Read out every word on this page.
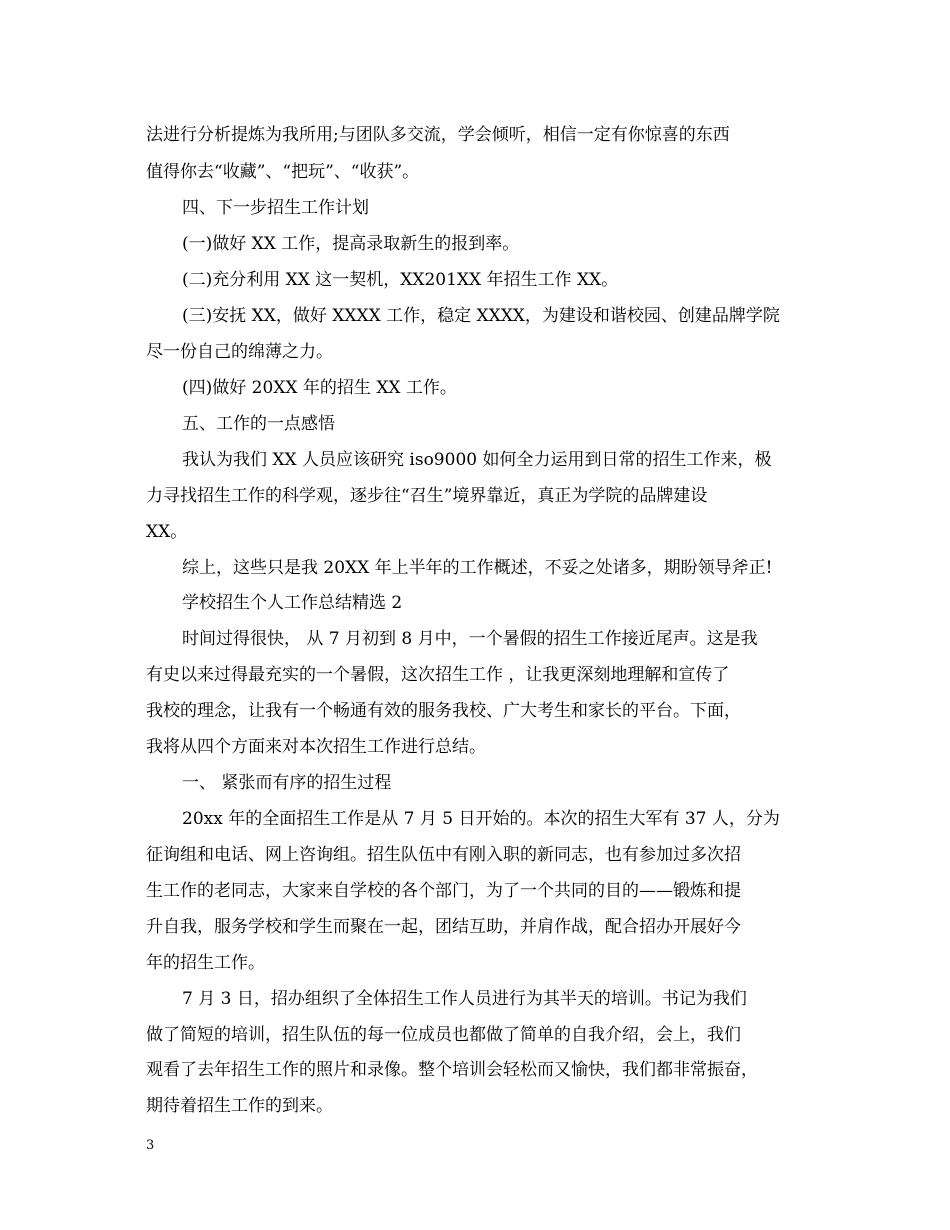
法进行分析提炼为我所用;与团队多交流，学会倾听，相信一定有你惊喜的东西
值得你去“收藏”、“把玩”、“收获”。
四、下一步招生工作计划
(一)做好 XX 工作，提高录取新生的报到率。
(二)充分利用 XX 这一契机，XX201XX 年招生工作 XX。
(三)安抚 XX，做好 XXXX 工作，稳定 XXXX，为建设和谐校园、创建品牌学院
尽一份自己的绵薄之力。
(四)做好 20XX 年的招生 XX 工作。
五、工作的一点感悟
我认为我们 XX 人员应该研究 iso9000 如何全力运用到日常的招生工作来，极
力寻找招生工作的科学观，逐步往“召生”境界靠近，真正为学院的品牌建设
XX。
综上，这些只是我 20XX 年上半年的工作概述，不妥之处诸多，期盼领导斧正!
学校招生个人工作总结精选 2
时间过得很快， 从 7 月初到 8 月中，一个暑假的招生工作接近尾声。这是我
有史以来过得最充实的一个暑假，这次招生工作 ，让我更深刻地理解和宣传了
我校的理念，让我有一个畅通有效的服务我校、广大考生和家长的平台。下面，
我将从四个方面来对本次招生工作进行总结。
一、 紧张而有序的招生过程
20xx 年的全面招生工作是从 7 月 5 日开始的。本次的招生大军有 37 人，分为
征询组和电话、网上咨询组。招生队伍中有刚入职的新同志，也有参加过多次招
生工作的老同志，大家来自学校的各个部门，为了一个共同的目的——锻炼和提
升自我，服务学校和学生而聚在一起，团结互助，并肩作战，配合招办开展好今
年的招生工作。
7 月 3 日，招办组织了全体招生工作人员进行为其半天的培训。书记为我们
做了简短的培训，招生队伍的每一位成员也都做了简单的自我介绍，会上，我们
观看了去年招生工作的照片和录像。整个培训会轻松而又愉快，我们都非常振奋，
期待着招生工作的到来。
3
